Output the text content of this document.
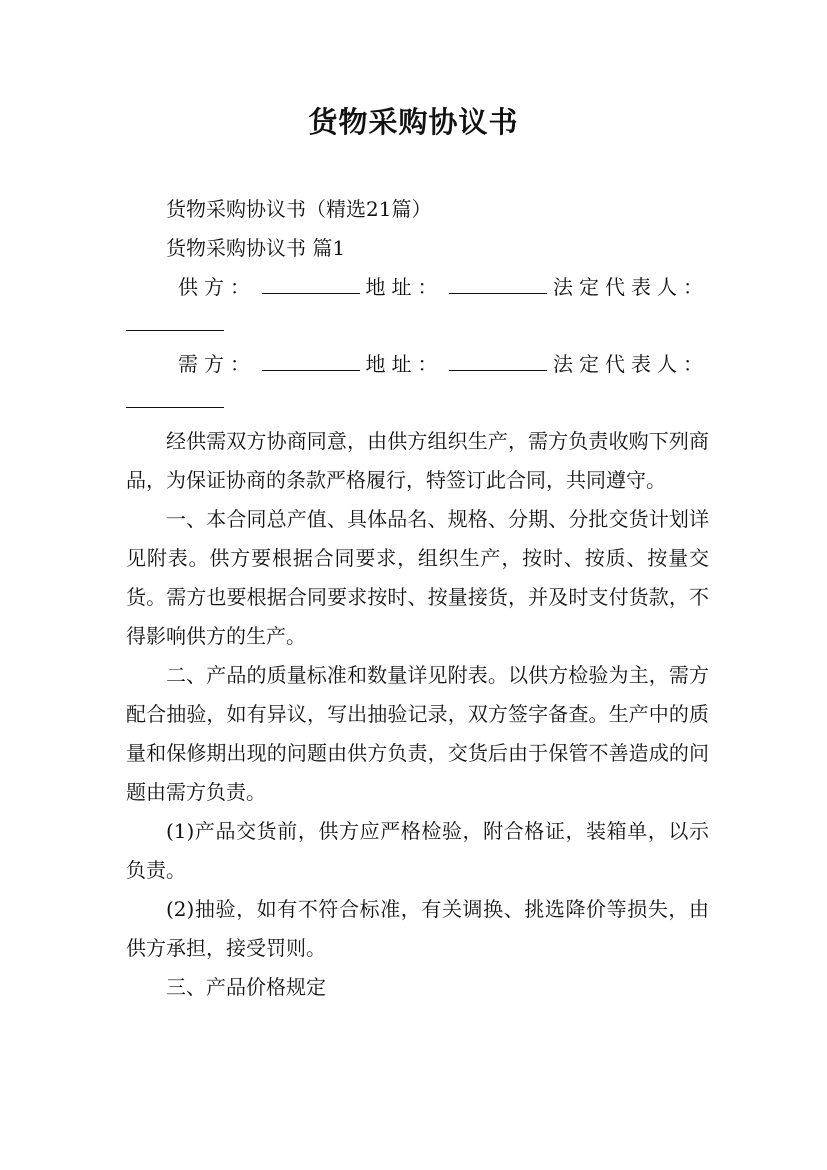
货物采购协议书

货物采购协议书（精选21篇）

货物采购协议书 篇1

供方：	地址：	法定代表人：
需方：	地址：	法定代表人：

经供需双方协商同意，由供方组织生产，需方负责收购下列商品，为保证协商的条款严格履行，特签订此合同，共同遵守。

一、本合同总产值、具体品名、规格、分期、分批交货计划详见附表。供方要根据合同要求，组织生产，按时、按质、按量交货。需方也要根据合同要求按时、按量接货，并及时支付货款，不得影响供方的生产。

二、产品的质量标准和数量详见附表。以供方检验为主，需方配合抽验，如有异议，写出抽验记录，双方签字备查。生产中的质量和保修期出现的问题由供方负责，交货后由于保管不善造成的问题由需方负责。

(1)产品交货前，供方应严格检验，附合格证，装箱单，以示负责。

(2)抽验，如有不符合标准，有关调换、挑选降价等损失，由供方承担，接受罚则。

三、产品价格规定
